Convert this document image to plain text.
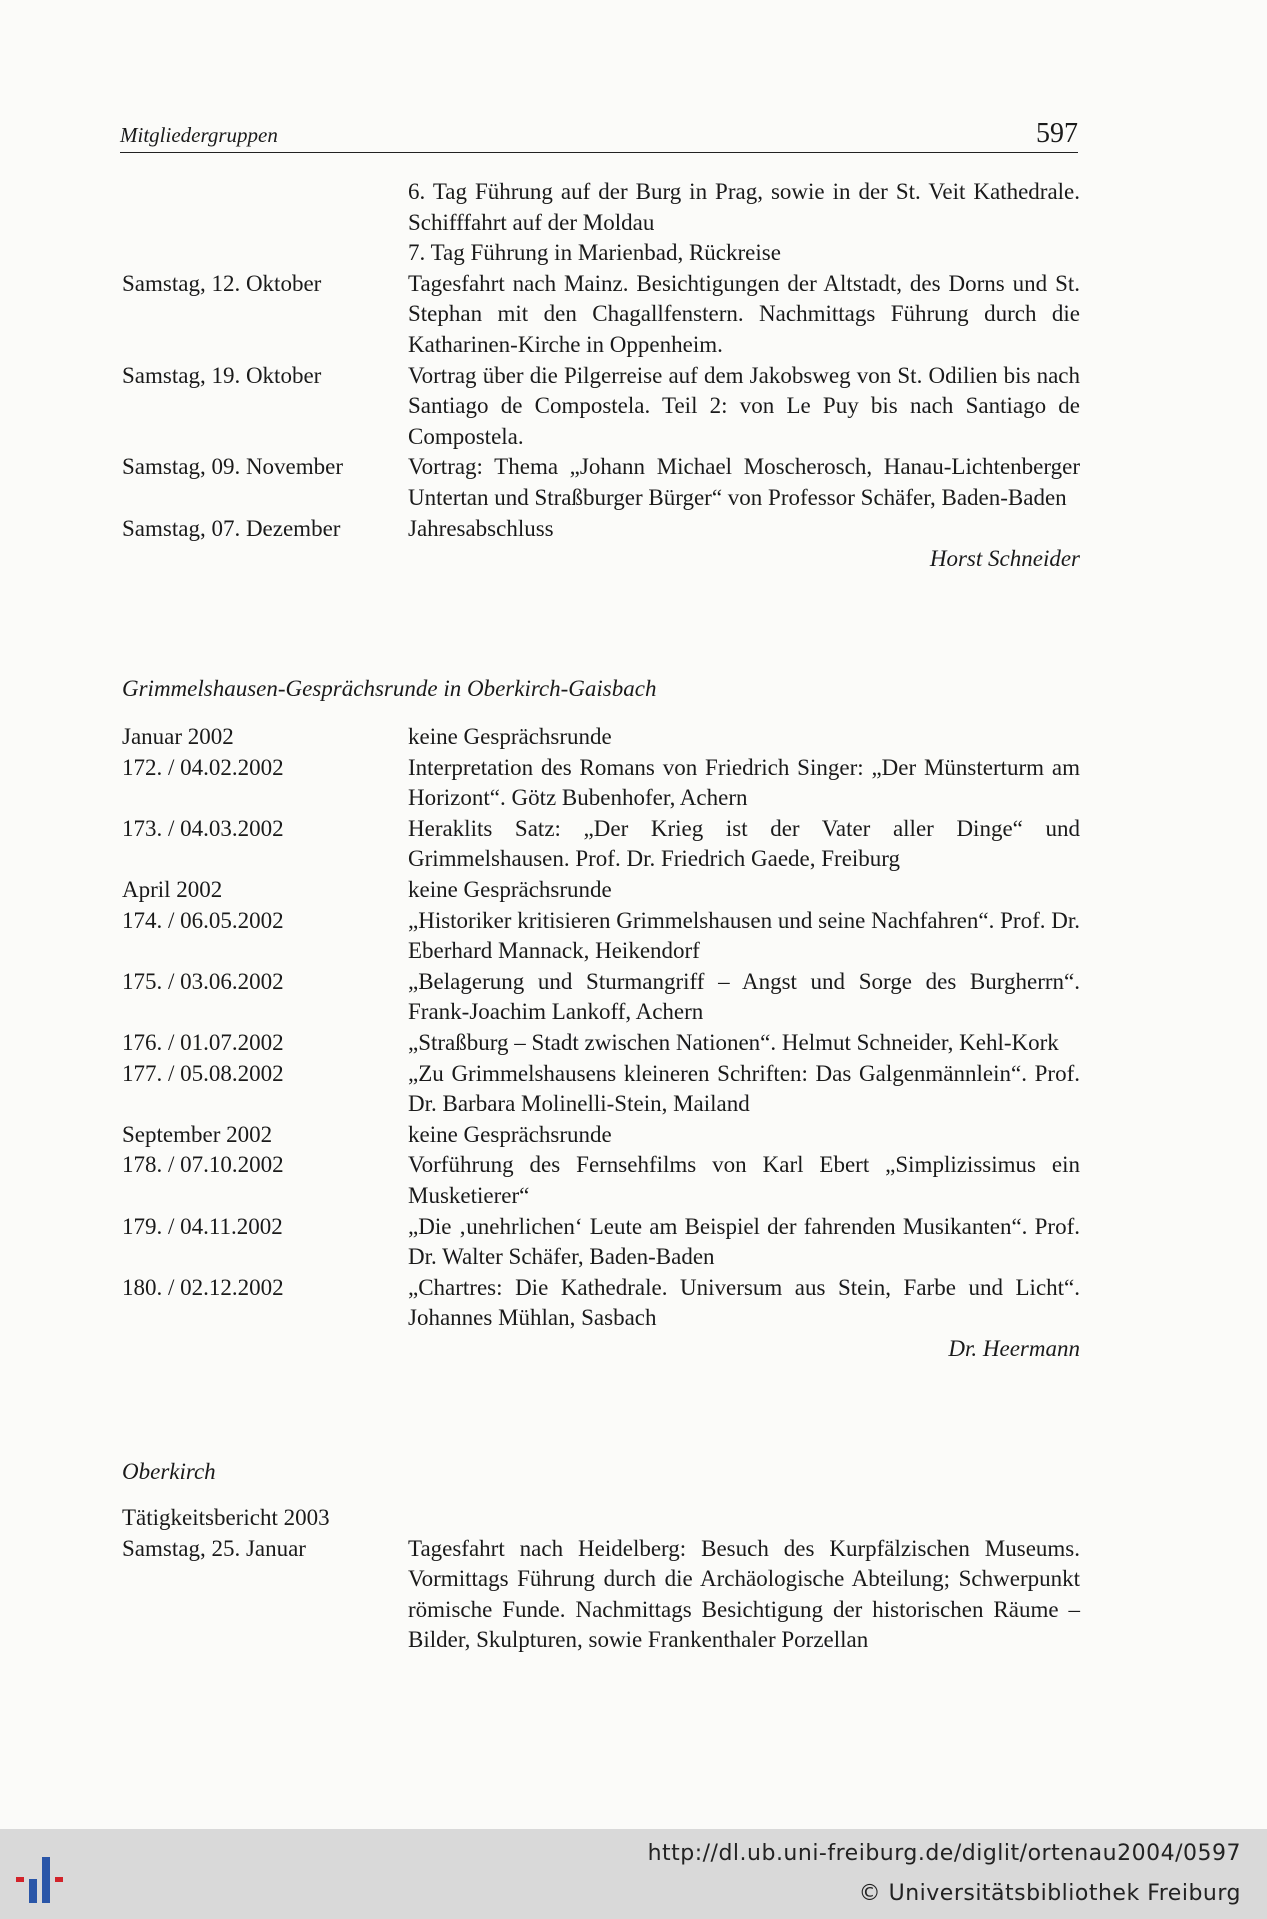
Mitgliedergruppen	597
6. Tag Führung auf der Burg in Prag, sowie in der St. Veit Kathedrale. Schifffahrt auf der Moldau
7. Tag Führung in Marienbad, Rückreise
Samstag, 12. Oktober	Tagesfahrt nach Mainz. Besichtigungen der Altstadt, des Dorns und St. Stephan mit den Chagallfenstern. Nachmittags Führung durch die Katharinen-Kirche in Oppenheim.
Samstag, 19. Oktober	Vortrag über die Pilgerreise auf dem Jakobsweg von St. Odilien bis nach Santiago de Compostela. Teil 2: von Le Puy bis nach Santiago de Compostela.
Samstag, 09. November	Vortrag: Thema „Johann Michael Moscherosch, Hanau-Lichtenberger Untertan und Straßburger Bürger“ von Professor Schäfer, Baden-Baden
Samstag, 07. Dezember	Jahresabschluss
Horst Schneider
Grimmelshausen-Gesprächsrunde in Oberkirch-Gaisbach
Januar 2002	keine Gesprächsrunde
172. / 04.02.2002	Interpretation des Romans von Friedrich Singer: „Der Münsterturm am Horizont“. Götz Bubenhofer, Achern
173. / 04.03.2002	Heraklits Satz: „Der Krieg ist der Vater aller Dinge“ und Grimmelshausen. Prof. Dr. Friedrich Gaede, Freiburg
April 2002	keine Gesprächsrunde
174. / 06.05.2002	„Historiker kritisieren Grimmelshausen und seine Nachfahren“. Prof. Dr. Eberhard Mannack, Heikendorf
175. / 03.06.2002	„Belagerung und Sturmangriff – Angst und Sorge des Burgherrn“. Frank-Joachim Lankoff, Achern
176. / 01.07.2002	„Straßburg – Stadt zwischen Nationen“. Helmut Schneider, Kehl-Kork
177. / 05.08.2002	„Zu Grimmelshausens kleineren Schriften: Das Galgenmännlein“. Prof. Dr. Barbara Molinelli-Stein, Mailand
September 2002	keine Gesprächsrunde
178. / 07.10.2002	Vorführung des Fernsehfilms von Karl Ebert „Simplizissimus ein Musketierer“
179. / 04.11.2002	„Die ‚unehrlichen‘ Leute am Beispiel der fahrenden Musikanten“. Prof. Dr. Walter Schäfer, Baden-Baden
180. / 02.12.2002	„Chartres: Die Kathedrale. Universum aus Stein, Farbe und Licht“. Johannes Mühlan, Sasbach
Dr. Heermann
Oberkirch
Tätigkeitsbericht 2003
Samstag, 25. Januar	Tagesfahrt nach Heidelberg: Besuch des Kurpfälzischen Museums. Vormittags Führung durch die Archäologische Abteilung; Schwerpunkt römische Funde. Nachmittags Besichtigung der historischen Räume – Bilder, Skulpturen, sowie Frankenthaler Porzellan
http://dl.ub.uni-freiburg.de/diglit/ortenau2004/0597
© Universitätsbibliothek Freiburg
